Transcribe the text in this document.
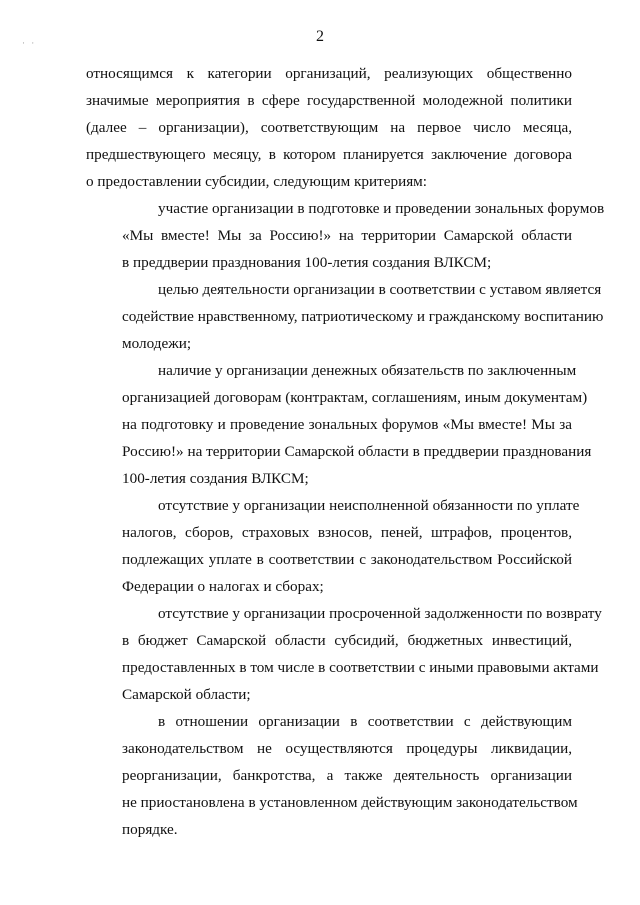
2
· ·
относящимся к категории организаций, реализующих общественно
значимые мероприятия в сфере государственной молодежной политики
(далее – организации), соответствующим на первое число месяца,
предшествующего месяцу, в котором планируется заключение договора
о предоставлении субсидии, следующим критериям:
участие организации в подготовке и проведении зональных форумов
«Мы вместе! Мы за Россию!» на территории Самарской области
в преддверии празднования 100-летия создания ВЛКСМ;
целью деятельности организации в соответствии с уставом является
содействие нравственному, патриотическому и гражданскому воспитанию
молодежи;
наличие у организации денежных обязательств по заключенным
организацией договорам (контрактам, соглашениям, иным документам)
на подготовку и проведение зональных форумов «Мы вместе! Мы за
Россию!» на территории Самарской области в преддверии празднования
100-летия создания ВЛКСМ;
отсутствие у организации неисполненной обязанности по уплате
налогов, сборов, страховых взносов, пеней, штрафов, процентов,
подлежащих уплате в соответствии с законодательством Российской
Федерации о налогах и сборах;
отсутствие у организации просроченной задолженности по возврату
в бюджет Самарской области субсидий, бюджетных инвестиций,
предоставленных в том числе в соответствии с иными правовыми актами
Самарской области;
в отношении организации в соответствии с действующим
законодательством не осуществляются процедуры ликвидации,
реорганизации, банкротства, а также деятельность организации
не приостановлена в установленном действующим законодательством
порядке.
